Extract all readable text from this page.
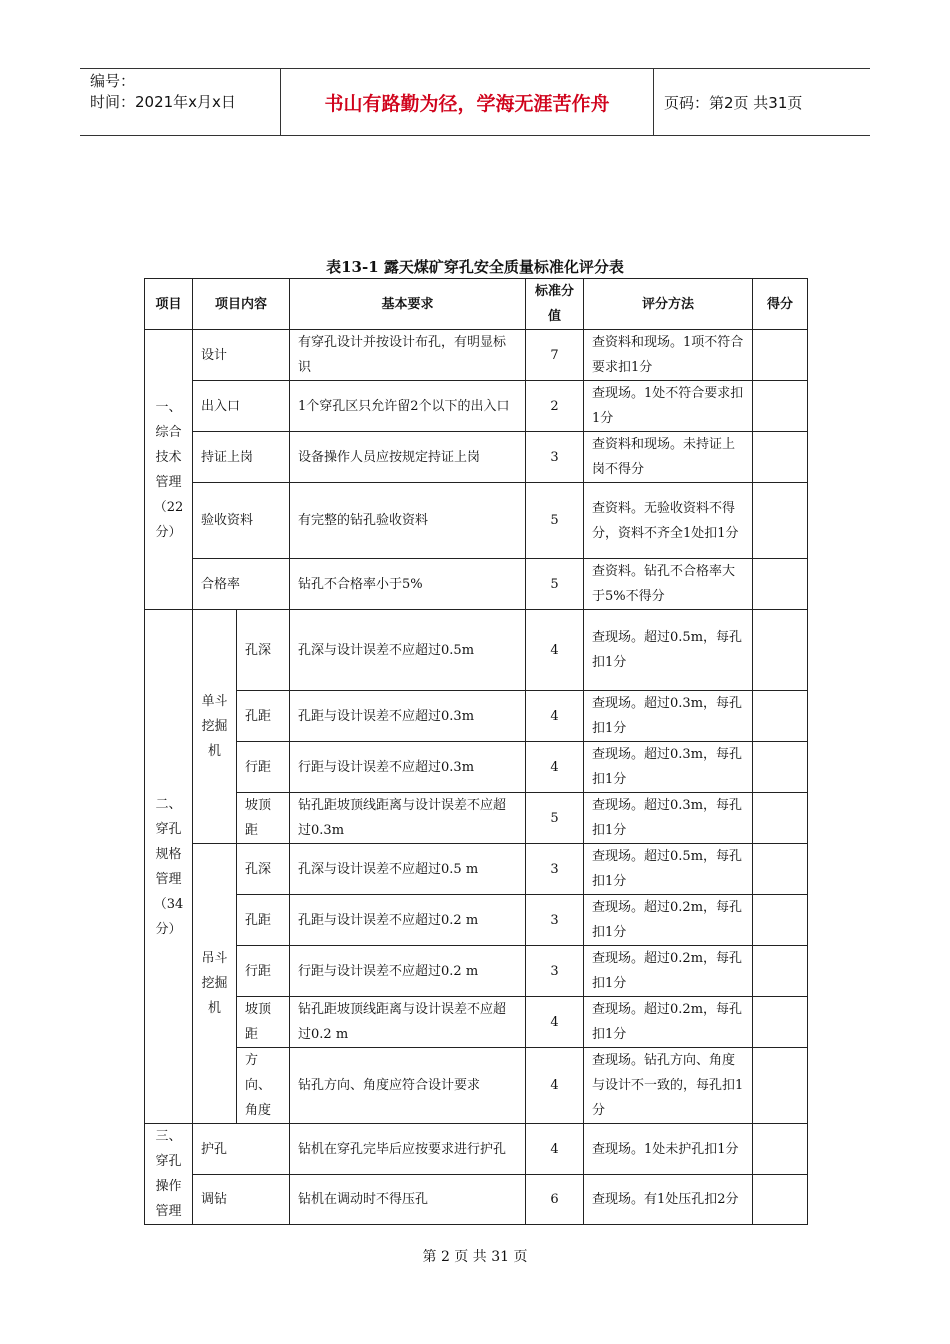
编号：
时间：2021年x月x日	书山有路勤为径，学海无涯苦作舟	页码：第2页 共31页
表13-1 露天煤矿穿孔安全质量标准化评分表
项目	项目内容		基本要求	标准分值	评分方法	得分
一、综合技术管理（22分）	设计		有穿孔设计并按设计布孔，有明显标识	7	查资料和现场。1项不符合要求扣1分	
	出入口		1个穿孔区只允许留2个以下的出入口	2	查现场。1处不符合要求扣1分	
	持证上岗		设备操作人员应按规定持证上岗	3	查资料和现场。未持证上岗不得分	
	验收资料		有完整的钻孔验收资料	5	查资料。无验收资料不得分，资料不齐全1处扣1分	
	合格率		钻孔不合格率小于5%	5	查资料。钻孔不合格率大于5%不得分	
二、穿孔规格管理（34分）	单斗挖掘机	孔深	孔深与设计误差不应超过0.5m	4	查现场。超过0.5m，每孔扣1分	
		孔距	孔距与设计误差不应超过0.3m	4	查现场。超过0.3m，每孔扣1分	
		行距	行距与设计误差不应超过0.3m	4	查现场。超过0.3m，每孔扣1分	
		坡顶距	钻孔距坡顶线距离与设计误差不应超过0.3m	5	查现场。超过0.3m，每孔扣1分	
	吊斗挖掘机	孔深	孔深与设计误差不应超过0.5 m	3	查现场。超过0.5m，每孔扣1分	
		孔距	孔距与设计误差不应超过0.2 m	3	查现场。超过0.2m，每孔扣1分	
		行距	行距与设计误差不应超过0.2 m	3	查现场。超过0.2m，每孔扣1分	
		坡顶距	钻孔距坡顶线距离与设计误差不应超过0.2 m	4	查现场。超过0.2m，每孔扣1分	
		方向、角度	钻孔方向、角度应符合设计要求	4	查现场。钻孔方向、角度与设计不一致的，每孔扣1分	
三、穿孔操作管理	护孔		钻机在穿孔完毕后应按要求进行护孔	4	查现场。1处未护孔扣1分	
	调钻		钻机在调动时不得压孔	6	查现场。有1处压孔扣2分	
第 2 页 共 31 页
